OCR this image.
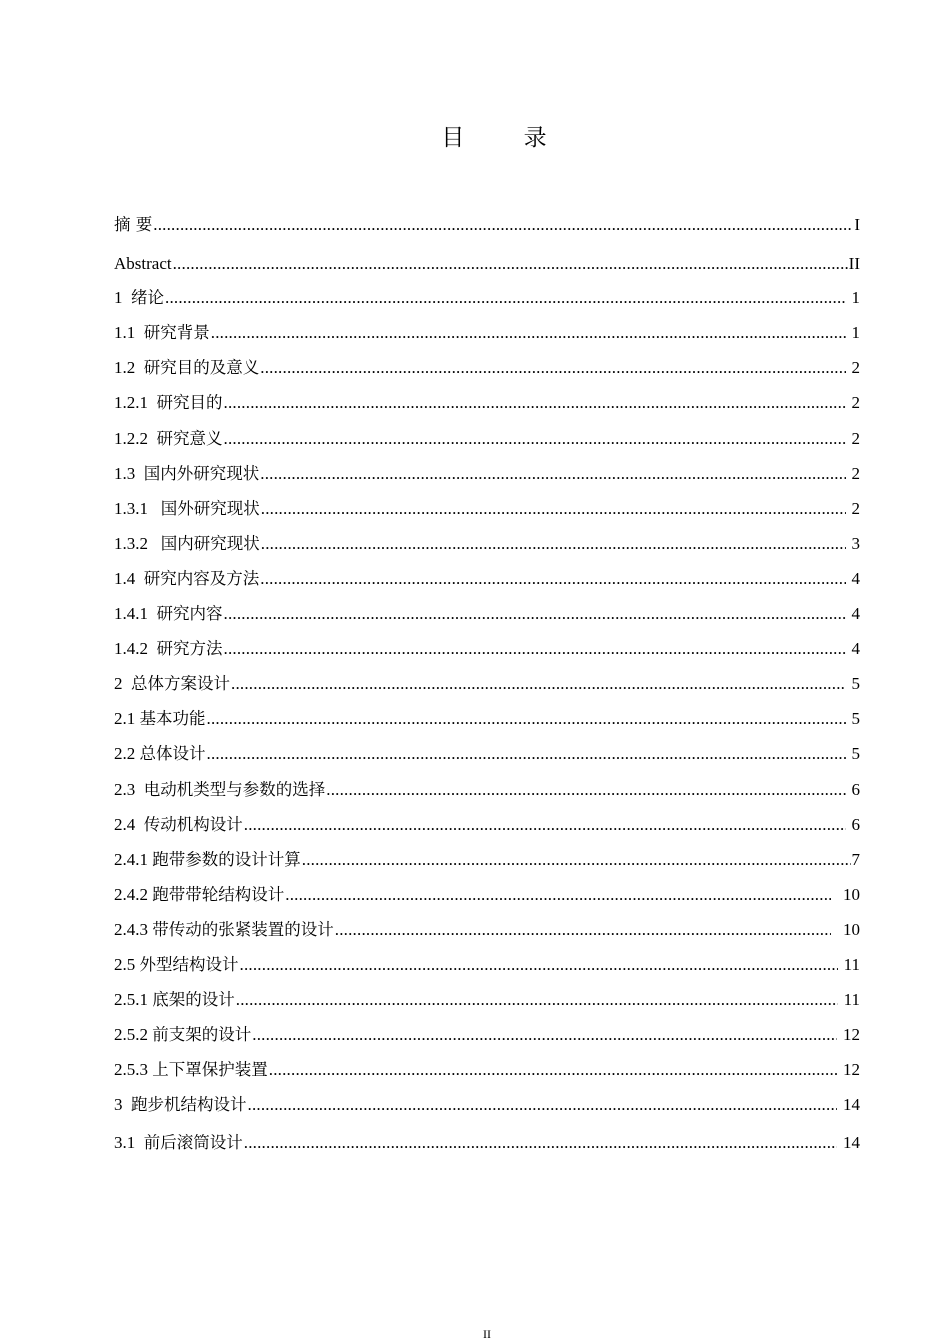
目 录
摘 要 .....	I
Abstract .....	II
1 绪论 .....	1
1.1 研究背景 .....	1
1.2 研究目的及意义 .....	2
1.2.1 研究目的 .....	2
1.2.2 研究意义 .....	2
1.3 国内外研究现状 .....	2
1.3.1 国外研究现状 .....	2
1.3.2 国内研究现状 .....	3
1.4 研究内容及方法 .....	4
1.4.1 研究内容 .....	4
1.4.2 研究方法 .....	4
2 总体方案设计 .....	5
2.1 基本功能 .....	5
2.2 总体设计 .....	5
2.3 电动机类型与参数的选择 .....	6
2.4 传动机构设计 .....	6
2.4.1 跑带参数的设计计算 .....	7
2.4.2 跑带带轮结构设计 .....	10
2.4.3 带传动的张紧装置的设计 .....	10
2.5 外型结构设计 .....	11
2.5.1 底架的设计 .....	11
2.5.2 前支架的设计 .....	12
2.5.3 上下罩保护装置 .....	12
3 跑步机结构设计 .....	14
3.1 前后滚筒设计 .....	14
II
